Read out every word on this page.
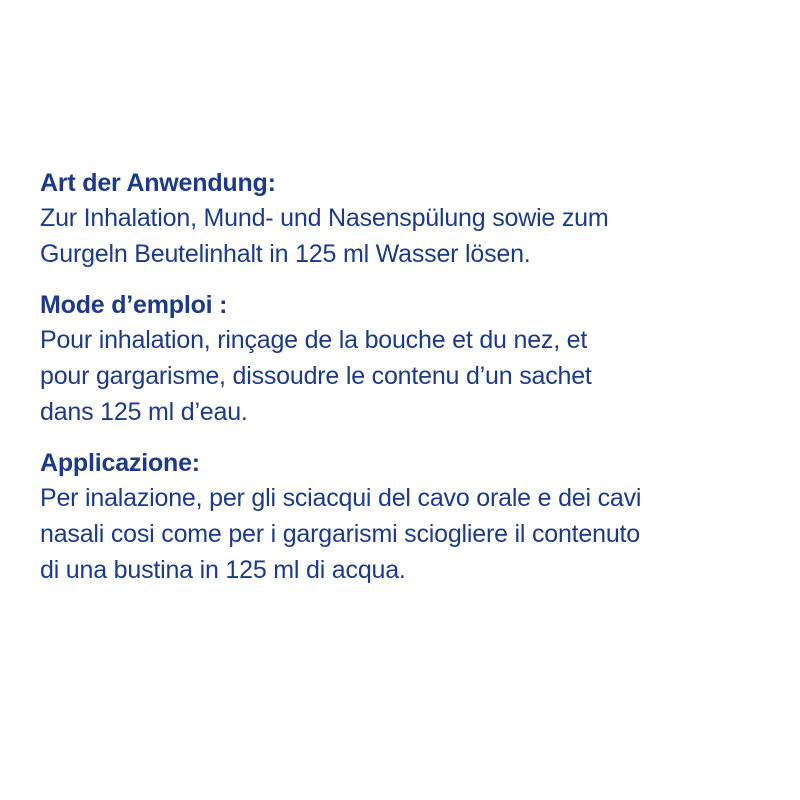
Art der Anwendung:

Zur Inhalation, Mund- und Nasenspülung sowie zum

Gurgeln Beutelinhalt in 125 ml Wasser lösen.

Mode d’emploi :

Pour inhalation, rinçage de la bouche et du nez, et

pour gargarisme, dissoudre le contenu d’un sachet

dans 125 ml d’eau.

Applicazione:

Per inalazione, per gli sciacqui del cavo orale e dei cavi

nasali cosi come per i gargarismi sciogliere il contenuto

di una bustina in 125 ml di acqua.
